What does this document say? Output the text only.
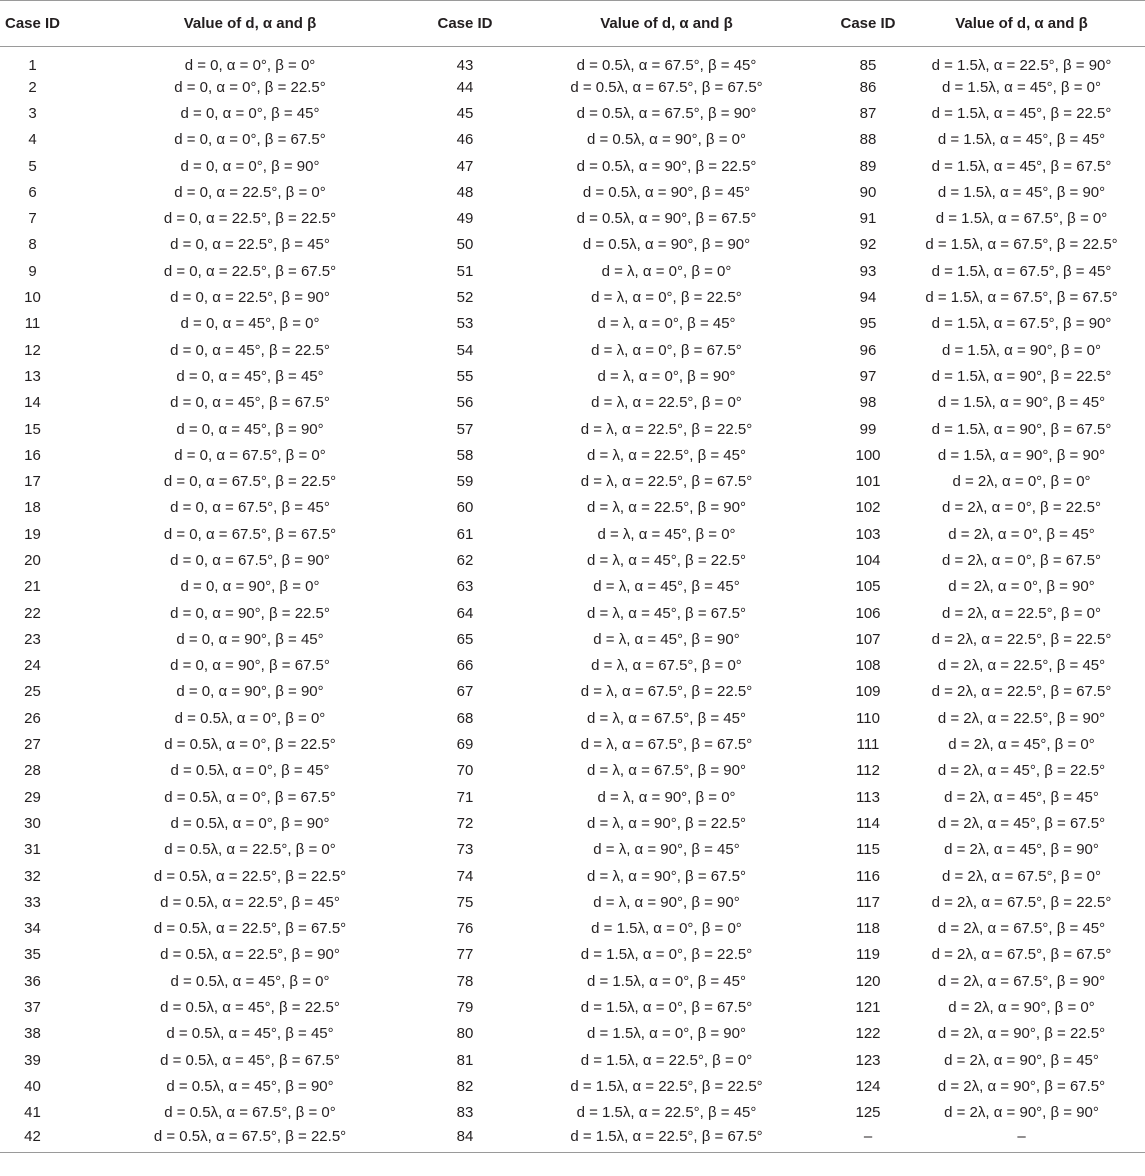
Case ID	Value of d, α and β	Case ID	Value of d, α and β	Case ID	Value of d, α and β
1	d = 0, α = 0°, β = 0°	43	d = 0.5λ, α = 67.5°, β = 45°	85	d = 1.5λ, α = 22.5°, β = 90°
2	d = 0, α = 0°, β = 22.5°	44	d = 0.5λ, α = 67.5°, β = 67.5°	86	d = 1.5λ, α = 45°, β = 0°
3	d = 0, α = 0°, β = 45°	45	d = 0.5λ, α = 67.5°, β = 90°	87	d = 1.5λ, α = 45°, β = 22.5°
4	d = 0, α = 0°, β = 67.5°	46	d = 0.5λ, α = 90°, β = 0°	88	d = 1.5λ, α = 45°, β = 45°
5	d = 0, α = 0°, β = 90°	47	d = 0.5λ, α = 90°, β = 22.5°	89	d = 1.5λ, α = 45°, β = 67.5°
6	d = 0, α = 22.5°, β = 0°	48	d = 0.5λ, α = 90°, β = 45°	90	d = 1.5λ, α = 45°, β = 90°
7	d = 0, α = 22.5°, β = 22.5°	49	d = 0.5λ, α = 90°, β = 67.5°	91	d = 1.5λ, α = 67.5°, β = 0°
8	d = 0, α = 22.5°, β = 45°	50	d = 0.5λ, α = 90°, β = 90°	92	d = 1.5λ, α = 67.5°, β = 22.5°
9	d = 0, α = 22.5°, β = 67.5°	51	d = λ, α = 0°, β = 0°	93	d = 1.5λ, α = 67.5°, β = 45°
10	d = 0, α = 22.5°, β = 90°	52	d = λ, α = 0°, β = 22.5°	94	d = 1.5λ, α = 67.5°, β = 67.5°
11	d = 0, α = 45°, β = 0°	53	d = λ, α = 0°, β = 45°	95	d = 1.5λ, α = 67.5°, β = 90°
12	d = 0, α = 45°, β = 22.5°	54	d = λ, α = 0°, β = 67.5°	96	d = 1.5λ, α = 90°, β = 0°
13	d = 0, α = 45°, β = 45°	55	d = λ, α = 0°, β = 90°	97	d = 1.5λ, α = 90°, β = 22.5°
14	d = 0, α = 45°, β = 67.5°	56	d = λ, α = 22.5°, β = 0°	98	d = 1.5λ, α = 90°, β = 45°
15	d = 0, α = 45°, β = 90°	57	d = λ, α = 22.5°, β = 22.5°	99	d = 1.5λ, α = 90°, β = 67.5°
16	d = 0, α = 67.5°, β = 0°	58	d = λ, α = 22.5°, β = 45°	100	d = 1.5λ, α = 90°, β = 90°
17	d = 0, α = 67.5°, β = 22.5°	59	d = λ, α = 22.5°, β = 67.5°	101	d = 2λ, α = 0°, β = 0°
18	d = 0, α = 67.5°, β = 45°	60	d = λ, α = 22.5°, β = 90°	102	d = 2λ, α = 0°, β = 22.5°
19	d = 0, α = 67.5°, β = 67.5°	61	d = λ, α = 45°, β = 0°	103	d = 2λ, α = 0°, β = 45°
20	d = 0, α = 67.5°, β = 90°	62	d = λ, α = 45°, β = 22.5°	104	d = 2λ, α = 0°, β = 67.5°
21	d = 0, α = 90°, β = 0°	63	d = λ, α = 45°, β = 45°	105	d = 2λ, α = 0°, β = 90°
22	d = 0, α = 90°, β = 22.5°	64	d = λ, α = 45°, β = 67.5°	106	d = 2λ, α = 22.5°, β = 0°
23	d = 0, α = 90°, β = 45°	65	d = λ, α = 45°, β = 90°	107	d = 2λ, α = 22.5°, β = 22.5°
24	d = 0, α = 90°, β = 67.5°	66	d = λ, α = 67.5°, β = 0°	108	d = 2λ, α = 22.5°, β = 45°
25	d = 0, α = 90°, β = 90°	67	d = λ, α = 67.5°, β = 22.5°	109	d = 2λ, α = 22.5°, β = 67.5°
26	d = 0.5λ, α = 0°, β = 0°	68	d = λ, α = 67.5°, β = 45°	110	d = 2λ, α = 22.5°, β = 90°
27	d = 0.5λ, α = 0°, β = 22.5°	69	d = λ, α = 67.5°, β = 67.5°	111	d = 2λ, α = 45°, β = 0°
28	d = 0.5λ, α = 0°, β = 45°	70	d = λ, α = 67.5°, β = 90°	112	d = 2λ, α = 45°, β = 22.5°
29	d = 0.5λ, α = 0°, β = 67.5°	71	d = λ, α = 90°, β = 0°	113	d = 2λ, α = 45°, β = 45°
30	d = 0.5λ, α = 0°, β = 90°	72	d = λ, α = 90°, β = 22.5°	114	d = 2λ, α = 45°, β = 67.5°
31	d = 0.5λ, α = 22.5°, β = 0°	73	d = λ, α = 90°, β = 45°	115	d = 2λ, α = 45°, β = 90°
32	d = 0.5λ, α = 22.5°, β = 22.5°	74	d = λ, α = 90°, β = 67.5°	116	d = 2λ, α = 67.5°, β = 0°
33	d = 0.5λ, α = 22.5°, β = 45°	75	d = λ, α = 90°, β = 90°	117	d = 2λ, α = 67.5°, β = 22.5°
34	d = 0.5λ, α = 22.5°, β = 67.5°	76	d = 1.5λ, α = 0°, β = 0°	118	d = 2λ, α = 67.5°, β = 45°
35	d = 0.5λ, α = 22.5°, β = 90°	77	d = 1.5λ, α = 0°, β = 22.5°	119	d = 2λ, α = 67.5°, β = 67.5°
36	d = 0.5λ, α = 45°, β = 0°	78	d = 1.5λ, α = 0°, β = 45°	120	d = 2λ, α = 67.5°, β = 90°
37	d = 0.5λ, α = 45°, β = 22.5°	79	d = 1.5λ, α = 0°, β = 67.5°	121	d = 2λ, α = 90°, β = 0°
38	d = 0.5λ, α = 45°, β = 45°	80	d = 1.5λ, α = 0°, β = 90°	122	d = 2λ, α = 90°, β = 22.5°
39	d = 0.5λ, α = 45°, β = 67.5°	81	d = 1.5λ, α = 22.5°, β = 0°	123	d = 2λ, α = 90°, β = 45°
40	d = 0.5λ, α = 45°, β = 90°	82	d = 1.5λ, α = 22.5°, β = 22.5°	124	d = 2λ, α = 90°, β = 67.5°
41	d = 0.5λ, α = 67.5°, β = 0°	83	d = 1.5λ, α = 22.5°, β = 45°	125	d = 2λ, α = 90°, β = 90°
42	d = 0.5λ, α = 67.5°, β = 22.5°	84	d = 1.5λ, α = 22.5°, β = 67.5°	–	–
